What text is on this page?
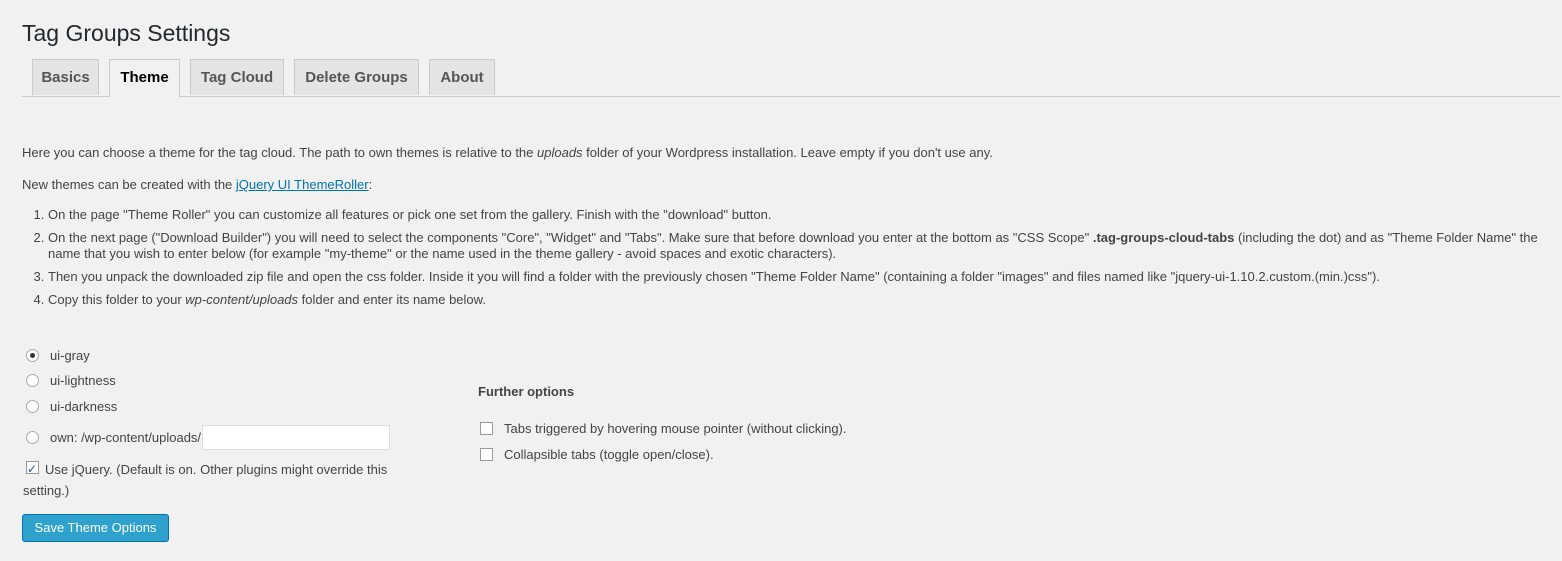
Tag Groups Settings
Basics	Theme	Tag Cloud	Delete Groups	About

Here you can choose a theme for the tag cloud. The path to own themes is relative to the uploads folder of your Wordpress installation. Leave empty if you don't use any.

New themes can be created with the jQuery UI ThemeRoller:

1. On the page "Theme Roller" you can customize all features or pick one set from the gallery. Finish with the "download" button.
2. On the next page ("Download Builder") you will need to select the components "Core", "Widget" and "Tabs". Make sure that before download you enter at the bottom as "CSS Scope" .tag-groups-cloud-tabs (including the dot) and as "Theme Folder Name" the name that you wish to enter below (for example "my-theme" or the name used in the theme gallery - avoid spaces and exotic characters).
3. Then you unpack the downloaded zip file and open the css folder. Inside it you will find a folder with the previously chosen "Theme Folder Name" (containing a folder "images" and files named like "jquery-ui-1.10.2.custom.(min.)css").
4. Copy this folder to your wp-content/uploads folder and enter its name below.
ui-gray
ui-lightness
ui-darkness
own: /wp-content/uploads/
✓
Use jQuery. (Default is on. Other plugins might override this setting.)
Further options
Tabs triggered by hovering mouse pointer (without clicking).
Collapsible tabs (toggle open/close).
Save Theme Options
